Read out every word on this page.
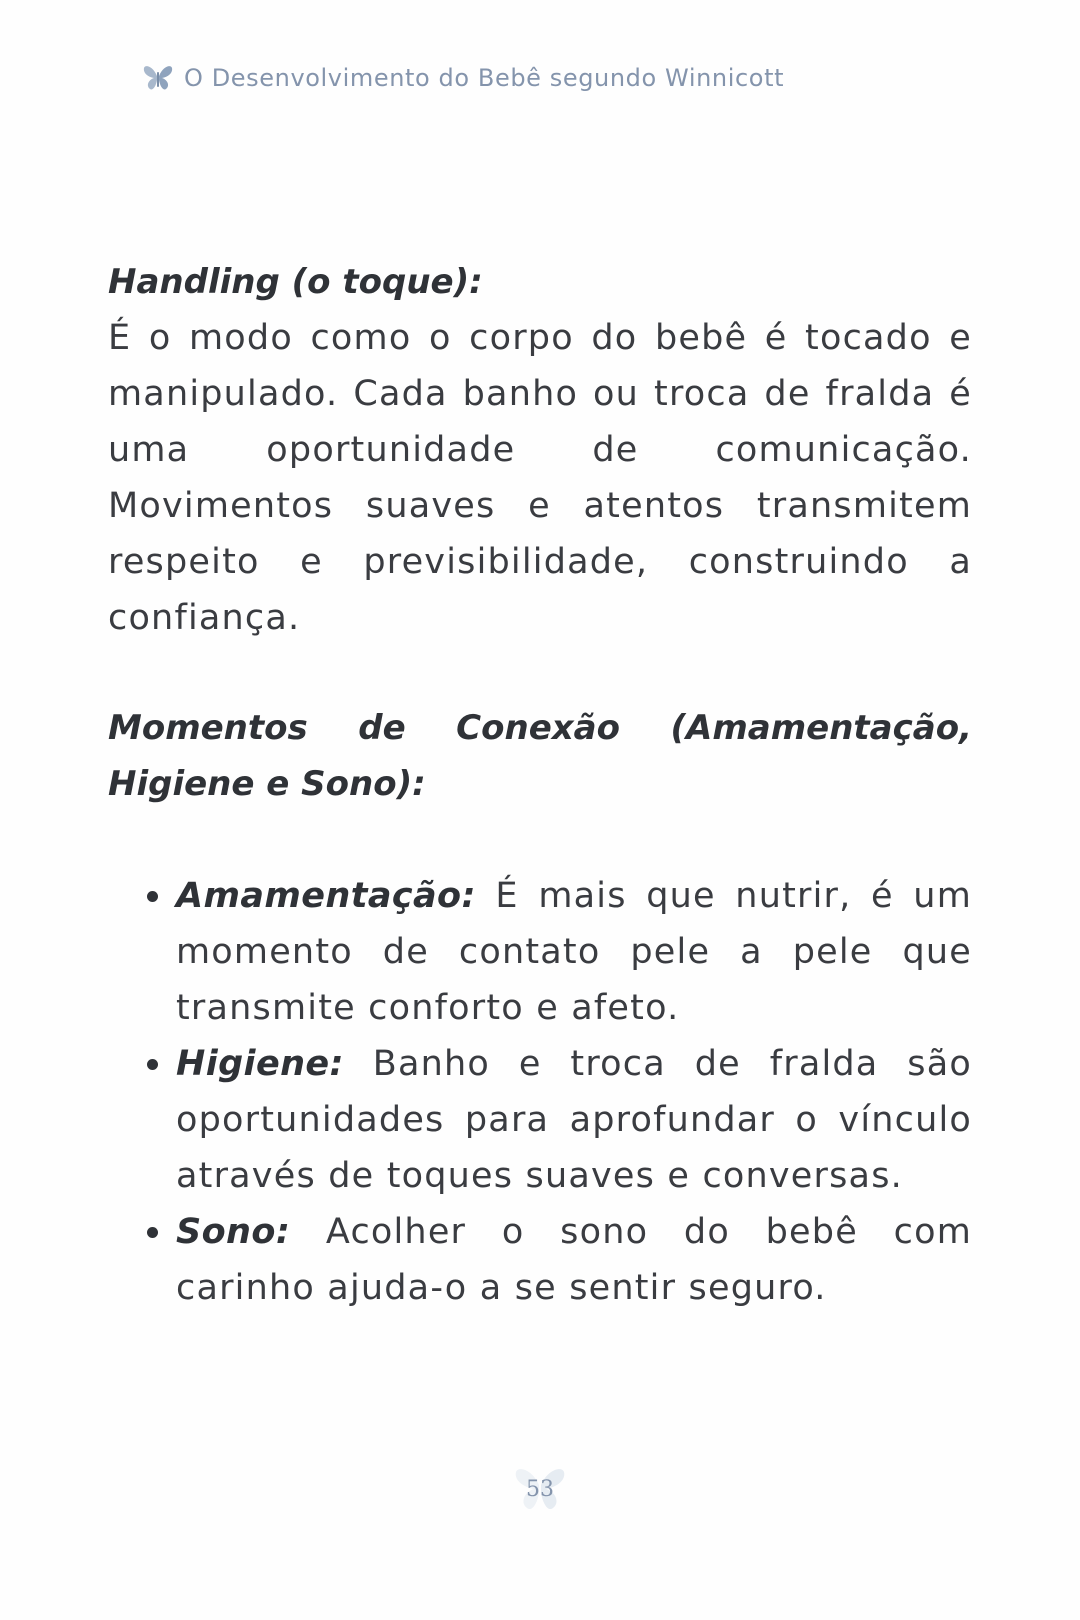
O Desenvolvimento do Bebê segundo Winnicott
Handling (o toque):

É o modo como o corpo do bebê é tocado e manipulado. Cada banho ou troca de fralda é uma oportunidade de comunicação. Movimentos suaves e atentos transmitem respeito e previsibilidade, construindo a confiança.

Momentos de Conexão (Amamentação, Higiene e Sono):
Amamentação: É mais que nutrir, é um momento de contato pele a pele que transmite conforto e afeto.
Higiene: Banho e troca de fralda são oportunidades para aprofundar o vínculo através de toques suaves e conversas.
Sono: Acolher o sono do bebê com carinho ajuda-o a se sentir seguro.
53
